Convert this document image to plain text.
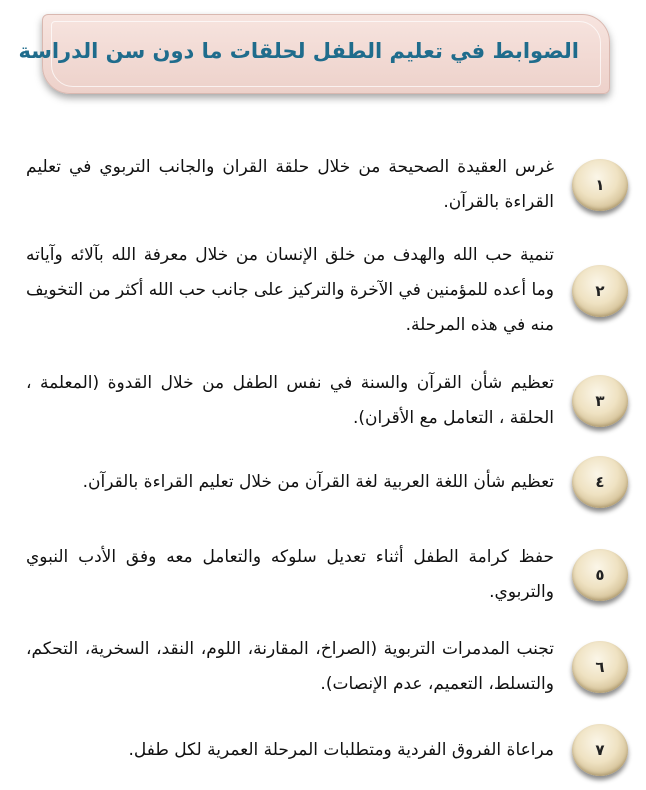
الضوابط في تعليم الطفل لحلقات ما دون سن الدراسة
١
غرس العقيدة الصحيحة من خلال حلقة القران والجانب التربوي في تعليم القراءة بالقرآن.
٢
تنمية حب الله والهدف من خلق الإنسان من خلال معرفة الله بآلائه وآياته وما أعده للمؤمنين في الآخرة والتركيز على جانب حب الله أكثر من التخويف منه في هذه المرحلة.
٣
تعظيم شأن القرآن والسنة في نفس الطفل من خلال القدوة (المعلمة ، الحلقة ، التعامل مع الأقران).
٤
تعظيم شأن اللغة العربية لغة القرآن من خلال تعليم القراءة بالقرآن.
٥
حفظ كرامة الطفل أثناء تعديل سلوكه والتعامل معه وفق الأدب النبوي والتربوي.
٦
تجنب المدمرات التربوية (الصراخ، المقارنة، اللوم، النقد، السخرية، التحكم، والتسلط، التعميم، عدم الإنصات).
٧
مراعاة الفروق الفردية ومتطلبات المرحلة العمرية لكل طفل.
